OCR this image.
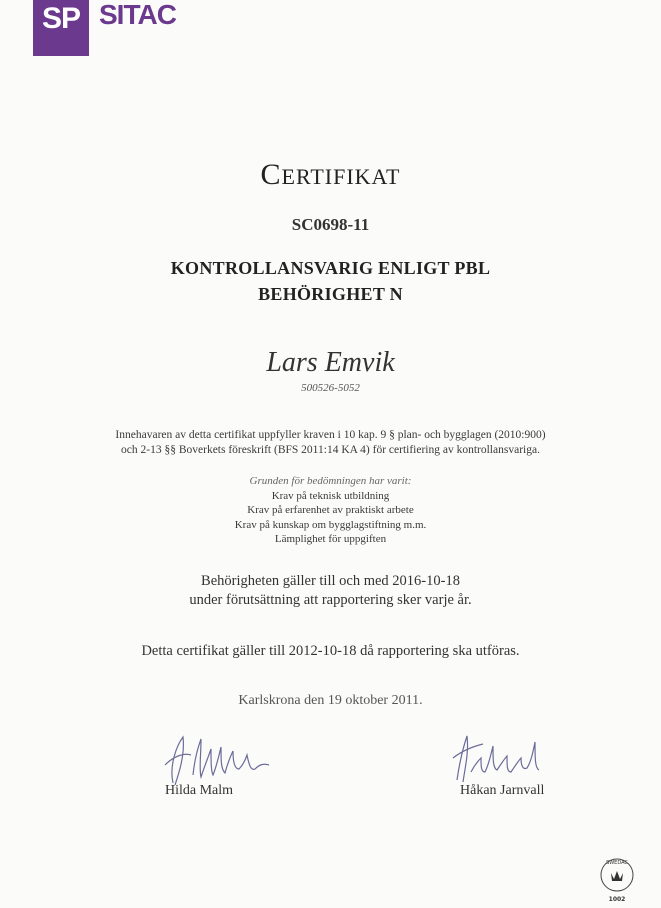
SP SITAC
CERTIFIKAT
SC0698-11
KONTROLLANSVARIG ENLIGT PBL
BEHÖRIGHET N
Lars Emvik
500526-5052
Innehavaren av detta certifikat uppfyller kraven i 10 kap. 9 § plan- och bygglagen (2010:900)
och 2-13 §§ Boverkets föreskrift (BFS 2011:14 KA 4) för certifiering av kontrollansvariga.
Grunden för bedömningen har varit:
Krav på teknisk utbildning
Krav på erfarenhet av praktiskt arbete
Krav på kunskap om bygglagstiftning m.m.
Lämplighet för uppgiften
Behörigheten gäller till och med 2016-10-18
under förutsättning att rapportering sker varje år.
Detta certifikat gäller till 2012-10-18 då rapportering ska utföras.
Karlskrona den 19 oktober 2011.
Hilda Malm	Håkan Jarnvall
SWEDAC
1002
